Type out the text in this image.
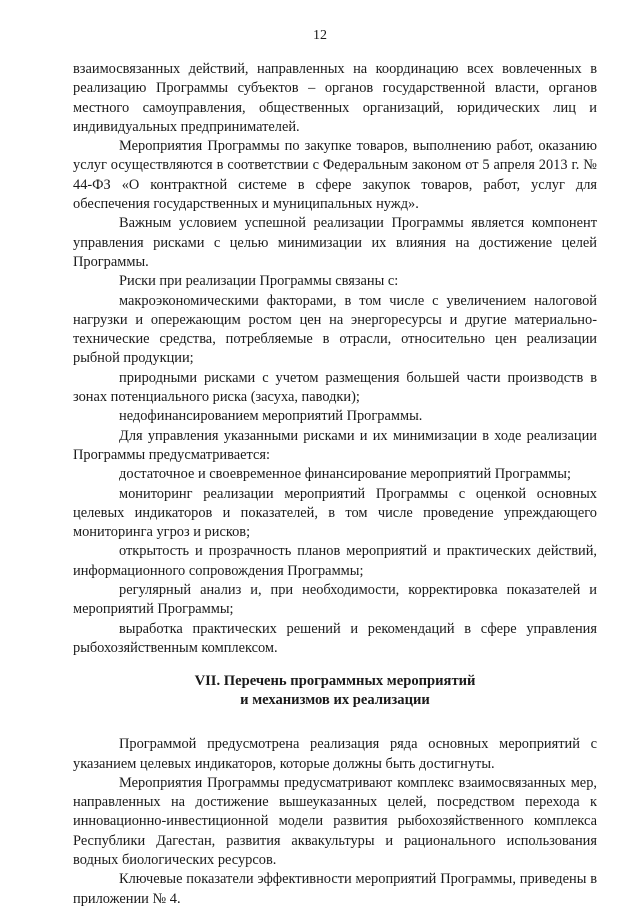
12

взаимосвязанных действий, направленных на координацию всех вовлеченных в реализацию Программы субъектов – органов государственной власти, органов местного самоуправления, общественных организаций, юридических лиц и индивидуальных предпринимателей.

Мероприятия Программы по закупке товаров, выполнению работ, оказанию услуг осуществляются в соответствии с Федеральным законом от 5 апреля 2013 г. № 44-ФЗ «О контрактной системе в сфере закупок товаров, работ, услуг для обеспечения государственных и муниципальных нужд».

Важным условием успешной реализации Программы является компонент управления рисками с целью минимизации их влияния на достижение целей Программы.

Риски при реализации Программы связаны с:

макроэкономическими факторами, в том числе с увеличением налоговой нагрузки и опережающим ростом цен на энергоресурсы и другие материально-технические средства, потребляемые в отрасли, относительно цен реализации рыбной продукции;

природными рисками с учетом размещения большей части производств в зонах потенциального риска (засуха, паводки);

недофинансированием мероприятий Программы.

Для управления указанными рисками и их минимизации в ходе реализации Программы предусматривается:

достаточное и своевременное финансирование мероприятий Программы;

мониторинг реализации мероприятий Программы с оценкой основных целевых индикаторов и показателей, в том числе проведение упреждающего мониторинга угроз и рисков;

открытость и прозрачность планов мероприятий и практических действий, информационного сопровождения Программы;

регулярный анализ и, при необходимости, корректировка показателей и мероприятий Программы;

выработка практических решений и рекомендаций в сфере управления рыбохозяйственным комплексом.

VII. Перечень программных мероприятий
и механизмов их реализации

Программой предусмотрена реализация ряда основных мероприятий с указанием целевых индикаторов, которые должны быть достигнуты.

Мероприятия Программы предусматривают комплекс взаимосвязанных мер, направленных на достижение вышеуказанных целей, посредством перехода к инновационно-инвестиционной модели развития рыбохозяйственного комплекса Республики Дагестан, развития аквакультуры и рационального использования водных биологических ресурсов.

Ключевые показатели эффективности мероприятий Программы, приведены в приложении № 4.
